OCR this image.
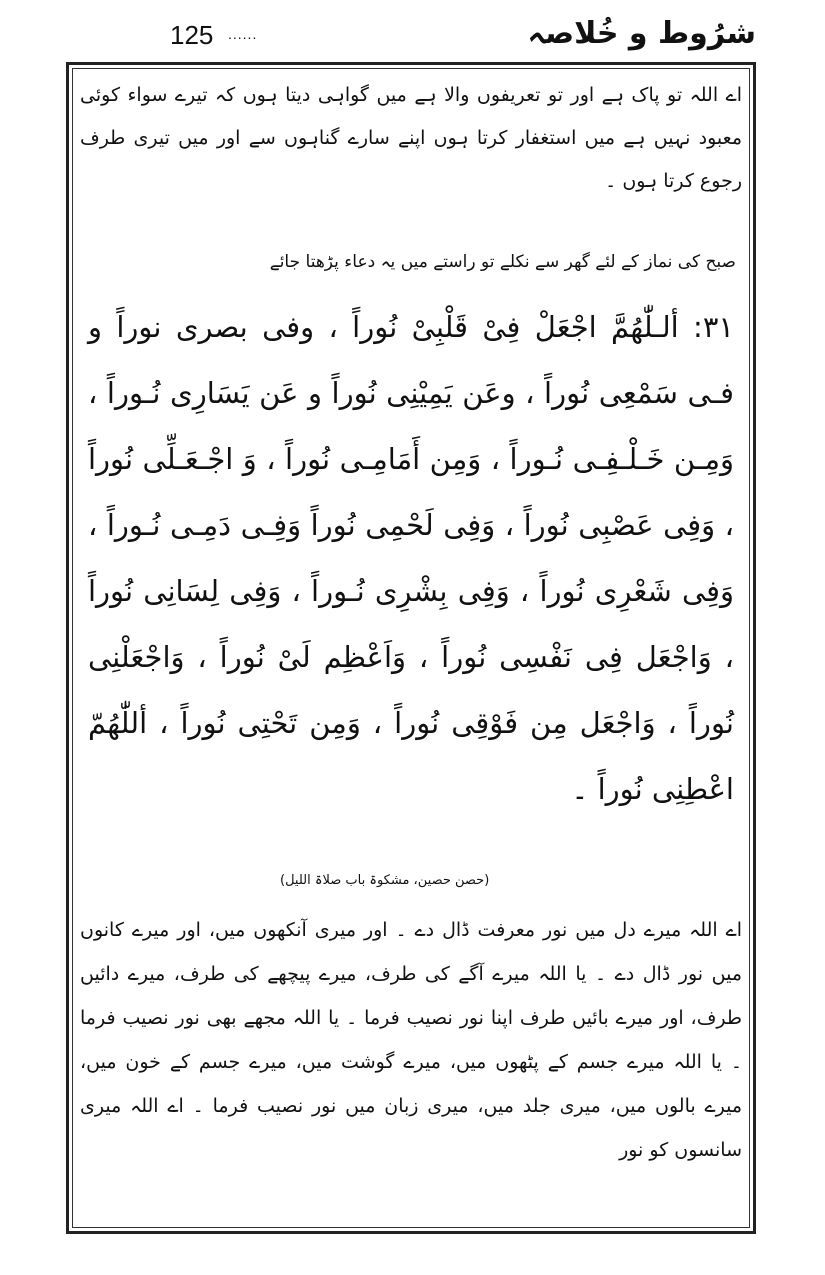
125 ......	شرُوط و خُلاصہ

اے اللہ تو پاک ہے اور تو تعریفوں والا ہے میں گواہی دیتا ہوں کہ تیرے سواء کوئی معبود نہیں ہے میں استغفار کرتا ہوں اپنے سارے گناہوں سے اور میں تیری طرف رجوع کرتا ہوں ۔

صبح کی نماز کے لئے گھر سے نکلے تو راستے میں یہ دعاء پڑھتا جائے

٣١: ألـلّٰهُمَّ اجْعَلْ فِیْ قَلْبِیْ نُوراً ، وفی بصری نوراً و فـی سَمْعِی نُوراً ، وعَن یَمِیْنِی نُوراً و عَن یَسَارِی نُـوراً ، وَمِـن خَـلْـفِـی نُـوراً ، وَمِن أَمَامِـی نُوراً ، وَ اجْـعَـلِّی نُوراً ، وَفِی عَصْبِی نُوراً ، وَفِی لَحْمِی نُوراً وَفِـی دَمِـی نُـوراً ، وَفِی شَعْرِی نُوراً ، وَفِی بِشْرِی نُـوراً ، وَفِی لِسَانِی نُوراً ، وَاجْعَل فِی نَفْسِی نُوراً ، وَاَعْظِم لَیْ نُوراً ، وَاجْعَلْنِی نُوراً ، وَاجْعَل مِن فَوْقِی نُوراً ، وَمِن تَحْتِی نُوراً ، أللّٰهُمّ اعْطِنِی نُوراً ۔

(حصن حصین، مشکوۃ باب صلاۃ اللیل)

اے اللہ میرے دل میں نور معرفت ڈال دے ۔ اور میری آنکھوں میں، اور میرے کانوں میں نور ڈال دے ۔ یا اللہ میرے آگے کی طرف، میرے پیچھے کی طرف، میرے دائیں طرف، اور میرے بائیں طرف اپنا نور نصیب فرما ۔ یا اللہ مجھے بھی نور نصیب فرما ۔ یا اللہ میرے جسم کے پٹھوں میں، میرے گوشت میں، میرے جسم کے خون میں، میرے بالوں میں، میری جلد میں، میری زبان میں نور نصیب فرما ۔ اے اللہ میری سانسوں کو نور
